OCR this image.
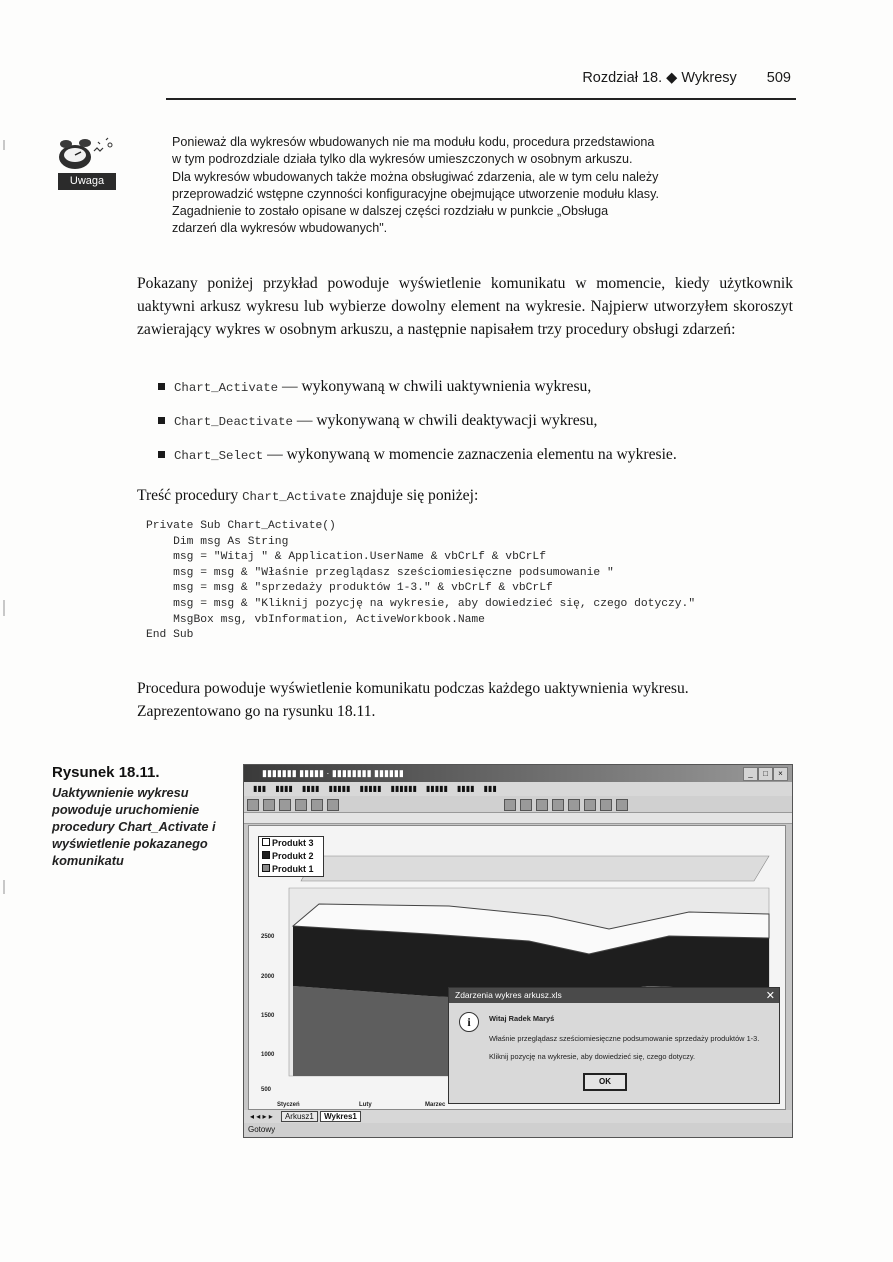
Rozdział 18. ◆ Wykresy 509
Uwaga

Ponieważ dla wykresów wbudowanych nie ma modułu kodu, procedura przedstawiona

w tym podrozdziale działa tylko dla wykresów umieszczonych w osobnym arkuszu.

Dla wykresów wbudowanych także można obsługiwać zdarzenia, ale w tym celu należy

przeprowadzić wstępne czynności konfiguracyjne obejmujące utworzenie modułu klasy.

Zagadnienie to zostało opisane w dalszej części rozdziału w punkcie „Obsługa

zdarzeń dla wykresów wbudowanych".

Pokazany poniżej przykład powoduje wyświetlenie komunikatu w momencie, kiedy użytkownik uaktywni arkusz wykresu lub wybierze dowolny element na wykresie. Najpierw utworzyłem skoroszyt zawierający wykres w osobnym arkuszu, a następnie napisałem trzy procedury obsługi zdarzeń:
Chart_Activate — wykonywaną w chwili uaktywnienia wykresu,
Chart_Deactivate — wykonywaną w chwili deaktywacji wykresu,
Chart_Select — wykonywaną w momencie zaznaczenia elementu na wykresie.
Treść procedury Chart_Activate znajduje się poniżej:
Private Sub Chart_Activate()
Dim msg As String
msg = "Witaj " & Application.UserName & vbCrLf & vbCrLf
msg = msg & "Właśnie przeglądasz sześciomiesięczne podsumowanie "
msg = msg & "sprzedaży produktów 1-3." & vbCrLf & vbCrLf
msg = msg & "Kliknij pozycję na wykresie, aby dowiedzieć się, czego dotyczy."
MsgBox msg, vbInformation, ActiveWorkbook.Name
End Sub
Procedura powoduje wyświetlenie komunikatu podczas każdego uaktywnienia wykresu. Zaprezentowano go na rysunku 18.11.
Rysunek 18.11.
Uaktywnienie wykresu powoduje uruchomienie procedury Chart_Activate i wyświetlenie pokazanego komunikatu
▮▮▮▮▮▮▮ ▮▮▮▮▮ · ▮▮▮▮▮▮▮▮ ▮▮▮▮▮▮	_	□	×
▮▮▮ ▮▮▮▮ ▮▮▮▮ ▮▮▮▮▮ ▮▮▮▮▮ ▮▮▮▮▮▮ ▮▮▮▮▮ ▮▮▮▮ ▮▮▮

2500
2000
1500
1000
500
Styczeń	Luty	Marzec
Produkt 3
Produkt 2
Produkt 1
◂ ◂ ▸ ▸ Arkusz1 Wykres1
Gotowy
Zdarzenia wykres arkusz.xls	✕
i	Witaj Radek Maryś
Właśnie przeglądasz sześciomiesięczne podsumowanie sprzedaży produktów 1-3.
Kliknij pozycję na wykresie, aby dowiedzieć się, czego dotyczy.
OK
